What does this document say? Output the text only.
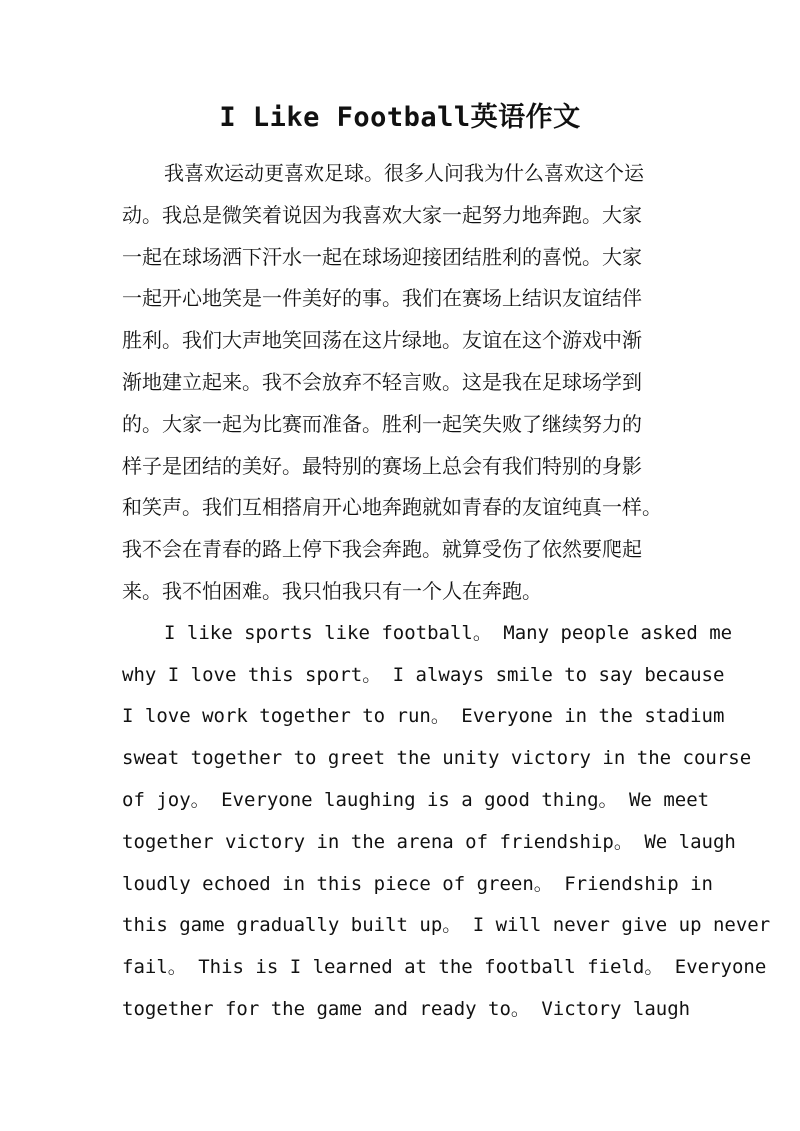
I Like Football英语作文
我喜欢运动更喜欢足球。很多人问我为什么喜欢这个运
动。我总是微笑着说因为我喜欢大家一起努力地奔跑。大家
一起在球场洒下汗水一起在球场迎接团结胜利的喜悦。大家
一起开心地笑是一件美好的事。我们在赛场上结识友谊结伴
胜利。我们大声地笑回荡在这片绿地。友谊在这个游戏中渐
渐地建立起来。我不会放弃不轻言败。这是我在足球场学到
的。大家一起为比赛而准备。胜利一起笑失败了继续努力的
样子是团结的美好。最特别的赛场上总会有我们特别的身影
和笑声。我们互相搭肩开心地奔跑就如青春的友谊纯真一样。
我不会在青春的路上停下我会奔跑。就算受伤了依然要爬起
来。我不怕困难。我只怕我只有一个人在奔跑。
I like sports like football。 Many people asked me
why I love this sport。 I always smile to say because
I love work together to run。 Everyone in the stadium
sweat together to greet the unity victory in the course
of joy。 Everyone laughing is a good thing。 We meet
together victory in the arena of friendship。 We laugh
loudly echoed in this piece of green。 Friendship in
this game gradually built up。 I will never give up never
fail。 This is I learned at the football field。 Everyone
together for the game and ready to。 Victory laugh
